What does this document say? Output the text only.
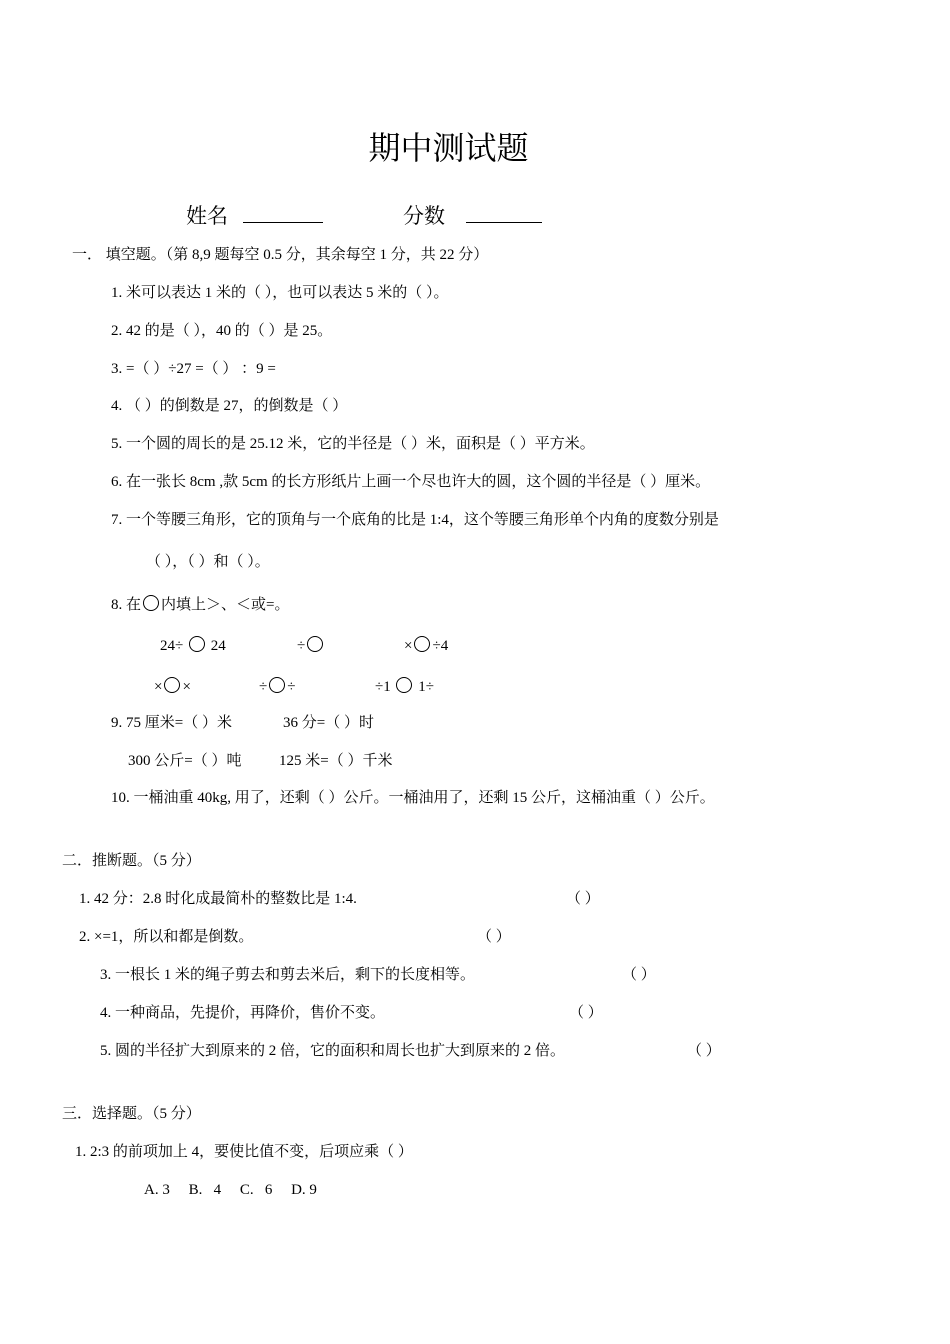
期中测试题
姓名	分数
一． 填空题。（第 8,9 题每空 0.5 分，其余每空 1 分，共 22 分）
1. 米可以表达 1 米的（ ），也可以表达 5 米的（ ）。
2. 42 的是（ ），40 的（ ）是 25。
3. =（ ）÷27 =（ ） ：9 =
4. （ ）的倒数是 27，的倒数是（ ）
5. 一个圆的周长的是 25.12 米，它的半径是（ ）米，面积是（ ）平方米。
6. 在一张长 8cm ,款 5cm 的长方形纸片上画一个尽也许大的圆，这个圆的半径是（ ）厘米。
7. 一个等腰三角形，它的顶角与一个底角的比是 1:4，这个等腰三角形单个内角的度数分别是
（ ），（ ）和（ ）。
8. 在 内填上＞、＜或=。
24÷ 24	÷	× ÷4
× ×	÷ ÷	÷1 1÷
9. 75 厘米=（ ）米	36 分=（ ）时
300 公斤=（ ）吨	125 米=（ ）千米
10. 一桶油重 40kg, 用了，还剩（ ）公斤。一桶油用了，还剩 15 公斤，这桶油重（ ）公斤。
二．推断题。（5 分）
1. 42 分：2.8 时化成最简朴的整数比是 1:4.	（ ）
2. ×=1，所以和都是倒数。	（ ）
3. 一根长 1 米的绳子剪去和剪去米后，剩下的长度相等。	（ ）
4. 一种商品，先提价，再降价，售价不变。	（ ）
5. 圆的半径扩大到原来的 2 倍，它的面积和周长也扩大到原来的 2 倍。	（ ）
三．选择题。（5 分）
1. 2:3 的前项加上 4，要使比值不变，后项应乘（ ）
A. 3     B.   4     C.   6     D. 9
